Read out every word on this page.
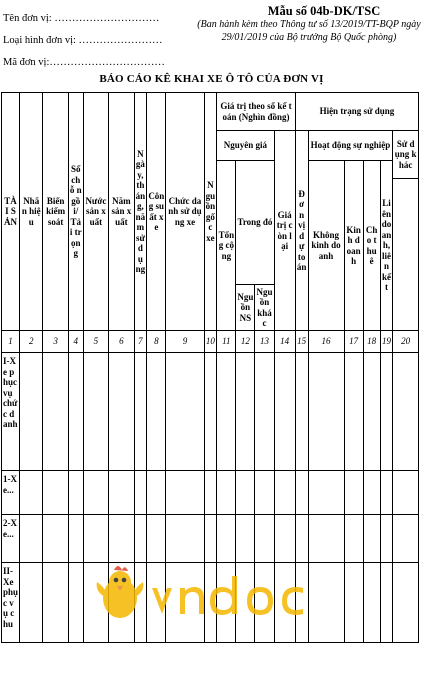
Tên đơn vị: …………………………
Loại hình đơn vị: ……………………
Mã đơn vị:……………………………
Mẫu số 04b-DK/TSC
(Ban hành kèm theo Thông tư số 13/2019/TT-BQP ngày 29/01/2019 của Bộ trưởng Bộ Quốc phòng)
BÁO CÁO KÊ KHAI XE Ô TÔ CỦA ĐƠN VỊ
TÀI SẢN	Nhãn hiệu	Biển kiểm soát	Số chỗ ngồi/ Tải trọng	Nước sản xuất	Năm sản xuất	Ngày, tháng, năm sử dụng	Công suất xe	Chức danh sử dụng xe	Nguồn gốc xe	Giá trị theo sổ kế toán (Nghìn đồng)				Hiện trạng sử dụng					
										Nguyên giá			Giá trị còn lại	Đơn vị dự toán	Hoạt động sự nghiệp				Sử dụng khác
										Tổng cộng	Trong đó				Không kinh doanh	Kinh doanh	Cho thuê	Liên doanh, liên kết	

											Nguồn NS	Nguồn khác							
1	2	3	4	5	6	7	8	9	10	11	12	13	14	15	16	17	18	19	20
I-Xe phục vụ chức danh																			
1-Xe...																			
2-Xe...																			
II-Xe phục vụ chu																			
